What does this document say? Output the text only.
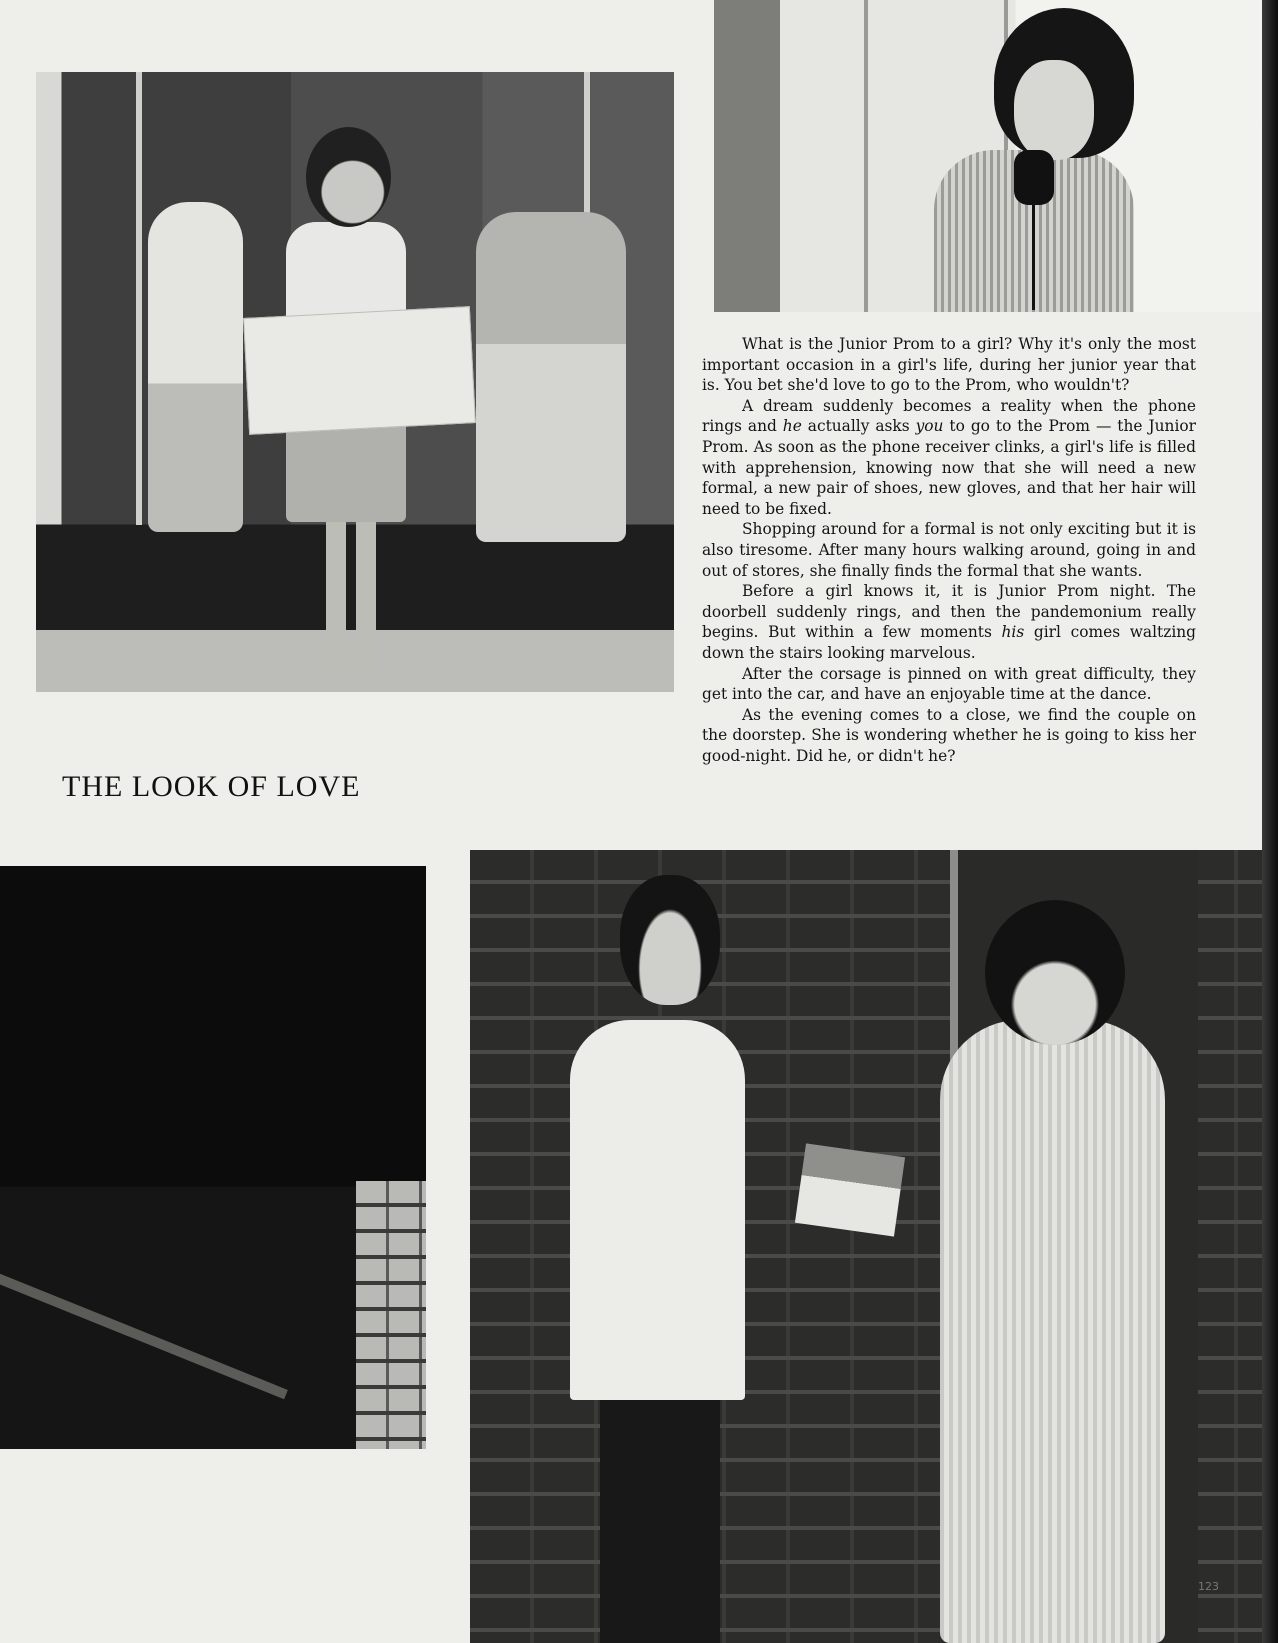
THE LOOK OF LOVE

What is the Junior Prom to a girl? Why it's only the most important occasion in a girl's life, during her junior year that is. You bet she'd love to go to the Prom, who wouldn't?

A dream suddenly becomes a reality when the phone rings and he actually asks you to go to the Prom — the Junior Prom. As soon as the phone receiver clinks, a girl's life is filled with apprehension, knowing now that she will need a new formal, a new pair of shoes, new gloves, and that her hair will need to be fixed.

Shopping around for a formal is not only exciting but it is also tiresome. After many hours walking around, going in and out of stores, she finally finds the formal that she wants.

Before a girl knows it, it is Junior Prom night. The doorbell suddenly rings, and then the pandemonium really begins. But within a few moments his girl comes waltzing down the stairs looking marvelous.

After the corsage is pinned on with great difficulty, they get into the car, and have an enjoyable time at the dance.

As the evening comes to a close, we find the couple on the doorstep. She is wondering whether he is going to kiss her good-night. Did he, or didn't he?

123
